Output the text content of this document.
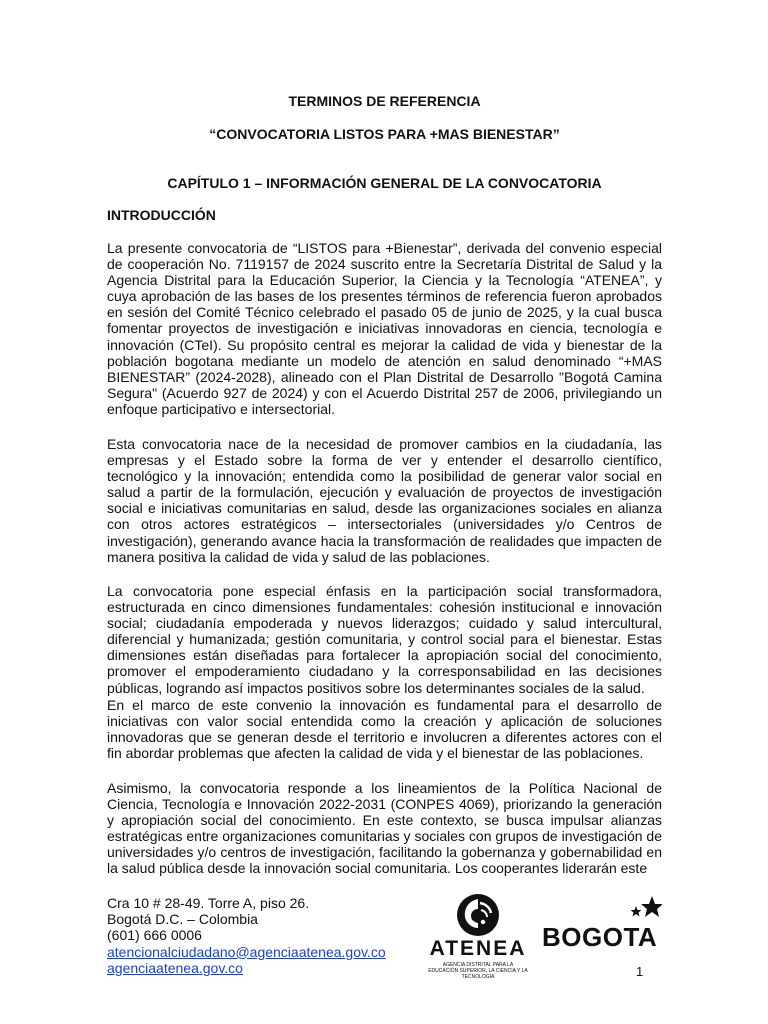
TERMINOS DE REFERENCIA
“CONVOCATORIA LISTOS PARA +MAS BIENESTAR”
CAPÍTULO 1 – INFORMACIÓN GENERAL DE LA CONVOCATORIA
INTRODUCCIÓN

La presente convocatoria de “LISTOS para +Bienestar”, derivada del convenio especial de cooperación No. 7119157 de 2024 suscrito entre la Secretaría Distrital de Salud y la Agencia Distrital para la Educación Superior, la Ciencia y la Tecnología “ATENEA”, y cuya aprobación de las bases de los presentes términos de referencia fueron aprobados en sesión del Comité Técnico celebrado el pasado 05 de junio de 2025, y la cual busca fomentar proyectos de investigación e iniciativas innovadoras en ciencia, tecnología e innovación (CTeI). Su propósito central es mejorar la calidad de vida y bienestar de la población bogotana mediante un modelo de atención en salud denominado “+MAS BIENESTAR” (2024-2028), alineado con el Plan Distrital de Desarrollo "Bogotá Camina Segura" (Acuerdo 927 de 2024) y con el Acuerdo Distrital 257 de 2006, privilegiando un enfoque participativo e intersectorial.

Esta convocatoria nace de la necesidad de promover cambios en la ciudadanía, las empresas y el Estado sobre la forma de ver y entender el desarrollo científico, tecnológico y la innovación; entendida como la posibilidad de generar valor social en salud a partir de la formulación, ejecución y evaluación de proyectos de investigación social e iniciativas comunitarias en salud, desde las organizaciones sociales en alianza con otros actores estratégicos – intersectoriales (universidades y/o Centros de investigación), generando avance hacia la transformación de realidades que impacten de manera positiva la calidad de vida y salud de las poblaciones.

La convocatoria pone especial énfasis en la participación social transformadora, estructurada en cinco dimensiones fundamentales: cohesión institucional e innovación social; ciudadanía empoderada y nuevos liderazgos; cuidado y salud intercultural, diferencial y humanizada; gestión comunitaria, y control social para el bienestar. Estas dimensiones están diseñadas para fortalecer la apropiación social del conocimiento, promover el empoderamiento ciudadano y la corresponsabilidad en las decisiones públicas, logrando así impactos positivos sobre los determinantes sociales de la salud.

En el marco de este convenio la innovación es fundamental para el desarrollo de iniciativas con valor social entendida como la creación y aplicación de soluciones innovadoras que se generan desde el territorio e involucren a diferentes actores con el fin abordar problemas que afecten la calidad de vida y el bienestar de las poblaciones.

Asimismo, la convocatoria responde a los lineamientos de la Política Nacional de Ciencia, Tecnología e Innovación 2022-2031 (CONPES 4069), priorizando la generación y apropiación social del conocimiento. En este contexto, se busca impulsar alianzas estratégicas entre organizaciones comunitarias y sociales con grupos de investigación de universidades y/o centros de investigación, facilitando la gobernanza y gobernabilidad en la salud pública desde la innovación social comunitaria. Los cooperantes liderarán este

Cra 10 # 28-49. Torre A, piso 26.
Bogotá D.C. – Colombia
(601) 666 0006
atencionalciudadano@agenciaatenea.gov.co
agenciaatenea.gov.co
ATENEA
AGENCIA DISTRITAL PARA LA EDUCACIÓN SUPERIOR, LA CIENCIA Y LA TECNOLOGÍA
BOGOTA
1
